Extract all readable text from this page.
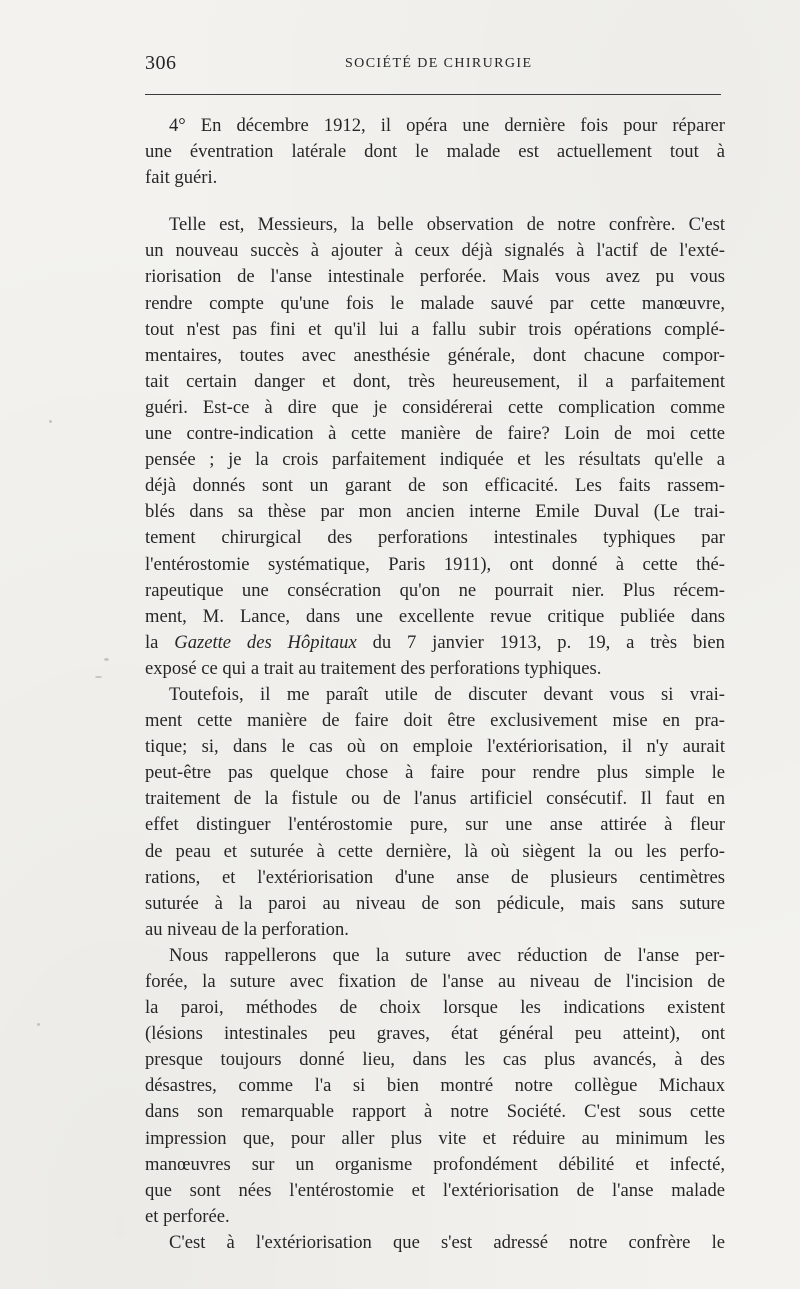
306	SOCIÉTÉ DE CHIRURGIE

4° En décembre 1912, il opéra une dernière fois pour réparer
une éventration latérale dont le malade est actuellement tout à
fait guéri.

Telle est, Messieurs, la belle observation de notre confrère. C'est
un nouveau succès à ajouter à ceux déjà signalés à l'actif de l'exté-
riorisation de l'anse intestinale perforée. Mais vous avez pu vous
rendre compte qu'une fois le malade sauvé par cette manœuvre,
tout n'est pas fini et qu'il lui a fallu subir trois opérations complé-
mentaires, toutes avec anesthésie générale, dont chacune compor-
tait certain danger et dont, très heureusement, il a parfaitement
guéri. Est-ce à dire que je considérerai cette complication comme
une contre-indication à cette manière de faire? Loin de moi cette
pensée ; je la crois parfaitement indiquée et les résultats qu'elle a
déjà donnés sont un garant de son efficacité. Les faits rassem-
blés dans sa thèse par mon ancien interne Emile Duval (Le trai-
tement chirurgical des perforations intestinales typhiques par
l'entérostomie systématique, Paris 1911), ont donné à cette thé-
rapeutique une consécration qu'on ne pourrait nier. Plus récem-
ment, M. Lance, dans une excellente revue critique publiée dans
la Gazette des Hôpitaux du 7 janvier 1913, p. 19, a très bien
exposé ce qui a trait au traitement des perforations typhiques.

Toutefois, il me paraît utile de discuter devant vous si vrai-
ment cette manière de faire doit être exclusivement mise en pra-
tique; si, dans le cas où on emploie l'extériorisation, il n'y aurait
peut-être pas quelque chose à faire pour rendre plus simple le
traitement de la fistule ou de l'anus artificiel consécutif. Il faut en
effet distinguer l'entérostomie pure, sur une anse attirée à fleur
de peau et suturée à cette dernière, là où siègent la ou les perfo-
rations, et l'extériorisation d'une anse de plusieurs centimètres
suturée à la paroi au niveau de son pédicule, mais sans suture
au niveau de la perforation.

Nous rappellerons que la suture avec réduction de l'anse per-
forée, la suture avec fixation de l'anse au niveau de l'incision de
la paroi, méthodes de choix lorsque les indications existent
(lésions intestinales peu graves, état général peu atteint), ont
presque toujours donné lieu, dans les cas plus avancés, à des
désastres, comme l'a si bien montré notre collègue Michaux
dans son remarquable rapport à notre Société. C'est sous cette
impression que, pour aller plus vite et réduire au minimum les
manœuvres sur un organisme profondément débilité et infecté,
que sont nées l'entérostomie et l'extériorisation de l'anse malade
et perforée.

C'est à l'extériorisation que s'est adressé notre confrère le
